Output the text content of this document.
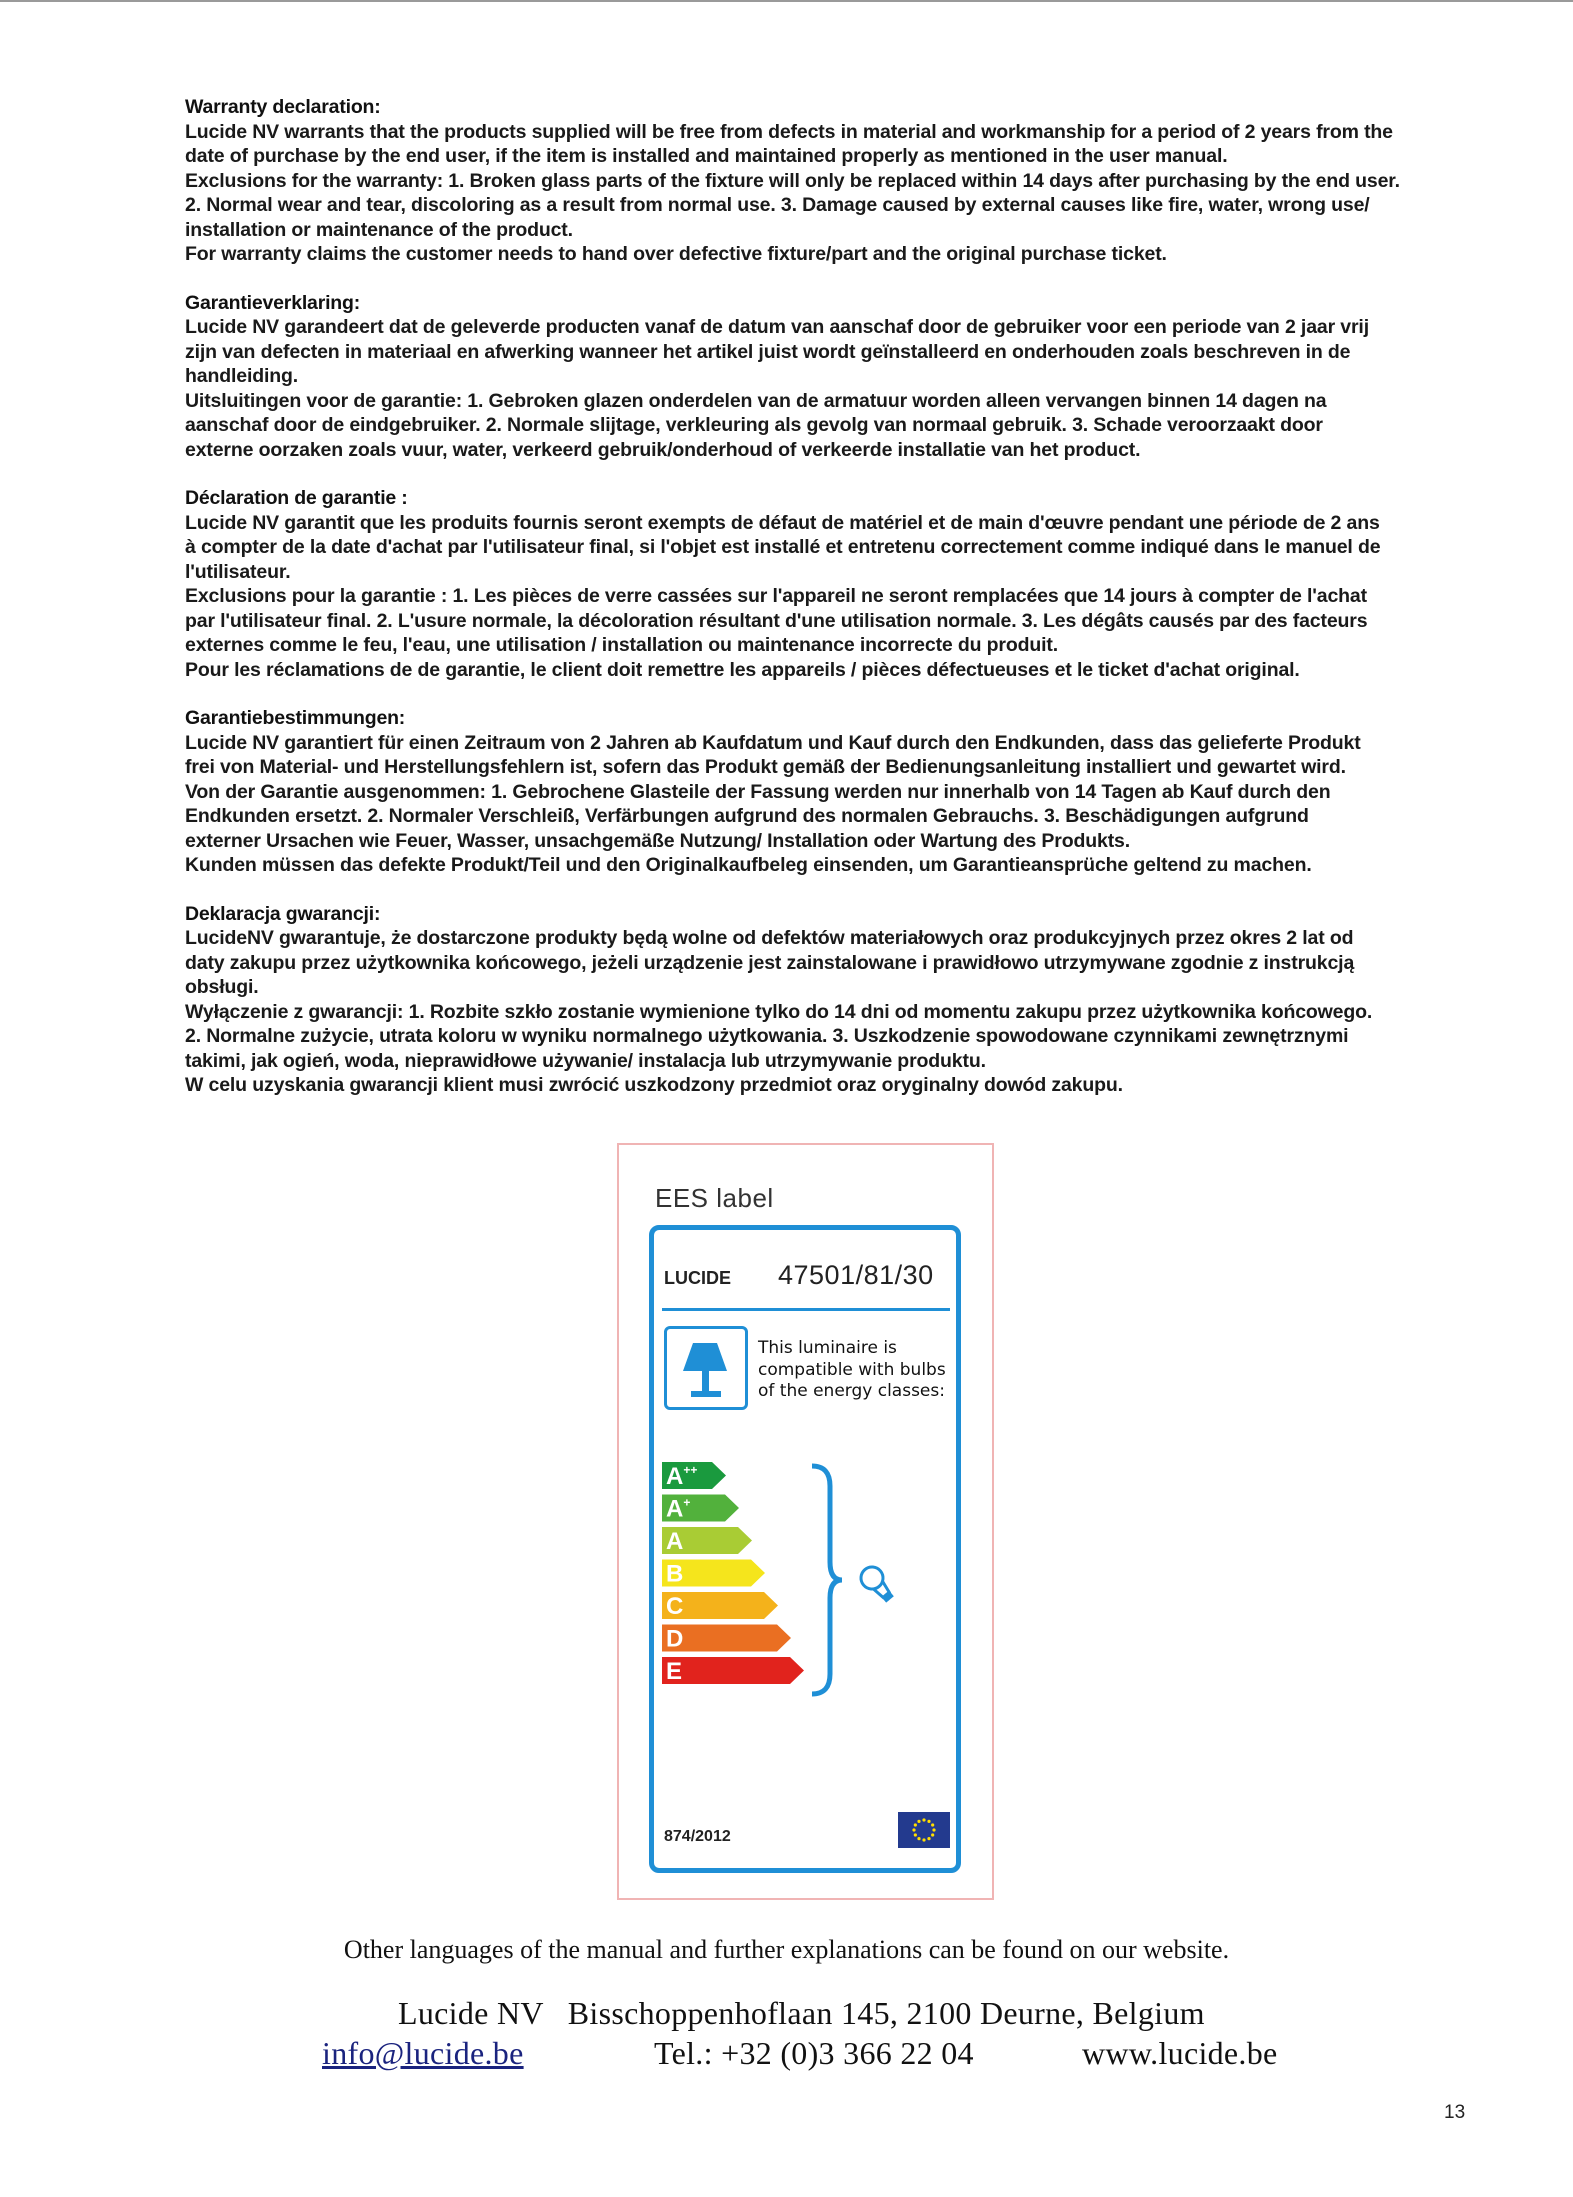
Warranty declaration:

Lucide NV warrants that the products supplied will be free from defects in material and workmanship for a period of 2 years from the

date of purchase by the end user, if the item is installed and maintained properly as mentioned in the user manual.

Exclusions for the warranty: 1. Broken glass parts of the fixture will only be replaced within 14 days after purchasing by the end user.

2. Normal wear and tear, discoloring as a result from normal use. 3. Damage caused by external causes like fire, water, wrong use/

installation or maintenance of the product.

For warranty claims the customer needs to hand over defective fixture/part and the original purchase ticket.

Garantieverklaring:

Lucide NV garandeert dat de geleverde producten vanaf de datum van aanschaf door de gebruiker voor een periode van 2 jaar vrij

zijn van defecten in materiaal en afwerking wanneer het artikel juist wordt geïnstalleerd en onderhouden zoals beschreven in de

handleiding.

Uitsluitingen voor de garantie: 1. Gebroken glazen onderdelen van de armatuur worden alleen vervangen binnen 14 dagen na

aanschaf door de eindgebruiker. 2. Normale slijtage, verkleuring als gevolg van normaal gebruik. 3. Schade veroorzaakt door

externe oorzaken zoals vuur, water, verkeerd gebruik/onderhoud of verkeerde installatie van het product.

Déclaration de garantie :

Lucide NV garantit que les produits fournis seront exempts de défaut de matériel et de main d'œuvre pendant une période de 2 ans

à compter de la date d'achat par l'utilisateur final, si l'objet est installé et entretenu correctement comme indiqué dans le manuel de

l'utilisateur.

Exclusions pour la garantie : 1. Les pièces de verre cassées sur l'appareil ne seront remplacées que 14 jours à compter de l'achat

par l'utilisateur final. 2. L'usure normale, la décoloration résultant d'une utilisation normale. 3. Les dégâts causés par des facteurs

externes comme le feu, l'eau, une utilisation / installation ou maintenance incorrecte du produit.

Pour les réclamations de de garantie, le client doit remettre les appareils / pièces défectueuses et le ticket d'achat original.

Garantiebestimmungen:

Lucide NV garantiert für einen Zeitraum von 2 Jahren ab Kaufdatum und Kauf durch den Endkunden, dass das gelieferte Produkt

frei von Material- und Herstellungsfehlern ist, sofern das Produkt gemäß der Bedienungsanleitung installiert und gewartet wird.

Von der Garantie ausgenommen: 1. Gebrochene Glasteile der Fassung werden nur innerhalb von 14 Tagen ab Kauf durch den

Endkunden ersetzt. 2. Normaler Verschleiß, Verfärbungen aufgrund des normalen Gebrauchs. 3. Beschädigungen aufgrund

externer Ursachen wie Feuer, Wasser, unsachgemäße Nutzung/ Installation oder Wartung des Produkts.

Kunden müssen das defekte Produkt/Teil und den Originalkaufbeleg einsenden, um Garantieansprüche geltend zu machen.

Deklaracja gwarancji:

LucideNV gwarantuje, że dostarczone produkty będą wolne od defektów materiałowych oraz produkcyjnych przez okres 2 lat od

daty zakupu przez użytkownika końcowego, jeżeli urządzenie jest zainstalowane i prawidłowo utrzymywane zgodnie z instrukcją

obsługi.

Wyłączenie z gwarancji: 1. Rozbite szkło zostanie wymienione tylko do 14 dni od momentu zakupu przez użytkownika końcowego.

2. Normalne zużycie, utrata koloru w wyniku normalnego użytkowania. 3. Uszkodzenie spowodowane czynnikami zewnętrznymi

takimi, jak ogień, woda, nieprawidłowe używanie/ instalacja lub utrzymywanie produktu.

W celu uzyskania gwarancji klient musi zwrócić uszkodzony przedmiot oraz oryginalny dowód zakupu.

EES label
LUCIDE 47501/81/30
This luminaire is compatible with bulbs of the energy classes:
A++
A+
A
B
C
D
E
874/2012
Other languages of the manual and further explanations can be found on our website.
Lucide NV Bisschoppenhoflaan 145, 2100 Deurne, Belgium
info@lucide.be	Tel.: +32 (0)3 366 22 04	www.lucide.be
13
